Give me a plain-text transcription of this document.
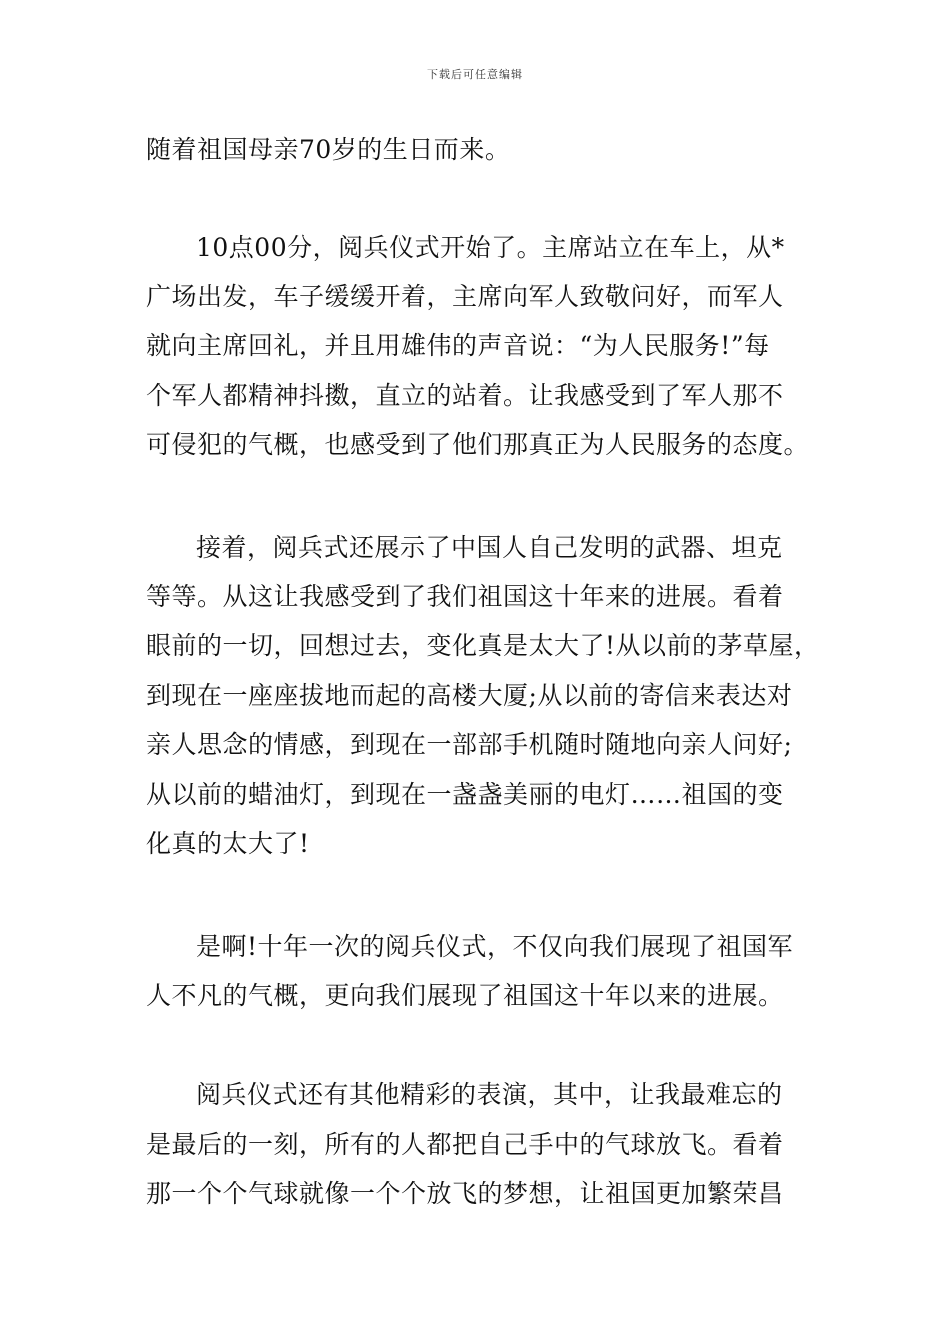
下载后可任意编辑
随着祖国母亲70岁的生日而来。
10点00分，阅兵仪式开始了。主席站立在车上，从*
广场出发，车子缓缓开着，主席向军人致敬问好，而军人
就向主席回礼，并且用雄伟的声音说：“为人民服务!”每
个军人都精神抖擞，直立的站着。让我感受到了军人那不
可侵犯的气概，也感受到了他们那真正为人民服务的态度。
接着，阅兵式还展示了中国人自己发明的武器、坦克
等等。从这让我感受到了我们祖国这十年来的进展。看着
眼前的一切，回想过去，变化真是太大了!从以前的茅草屋，
到现在一座座拔地而起的高楼大厦;从以前的寄信来表达对
亲人思念的情感，到现在一部部手机随时随地向亲人问好;
从以前的蜡油灯，到现在一盏盏美丽的电灯……祖国的变
化真的太大了!
是啊!十年一次的阅兵仪式，不仅向我们展现了祖国军
人不凡的气概，更向我们展现了祖国这十年以来的进展。
阅兵仪式还有其他精彩的表演，其中，让我最难忘的
是最后的一刻，所有的人都把自己手中的气球放飞。看着
那一个个气球就像一个个放飞的梦想，让祖国更加繁荣昌
